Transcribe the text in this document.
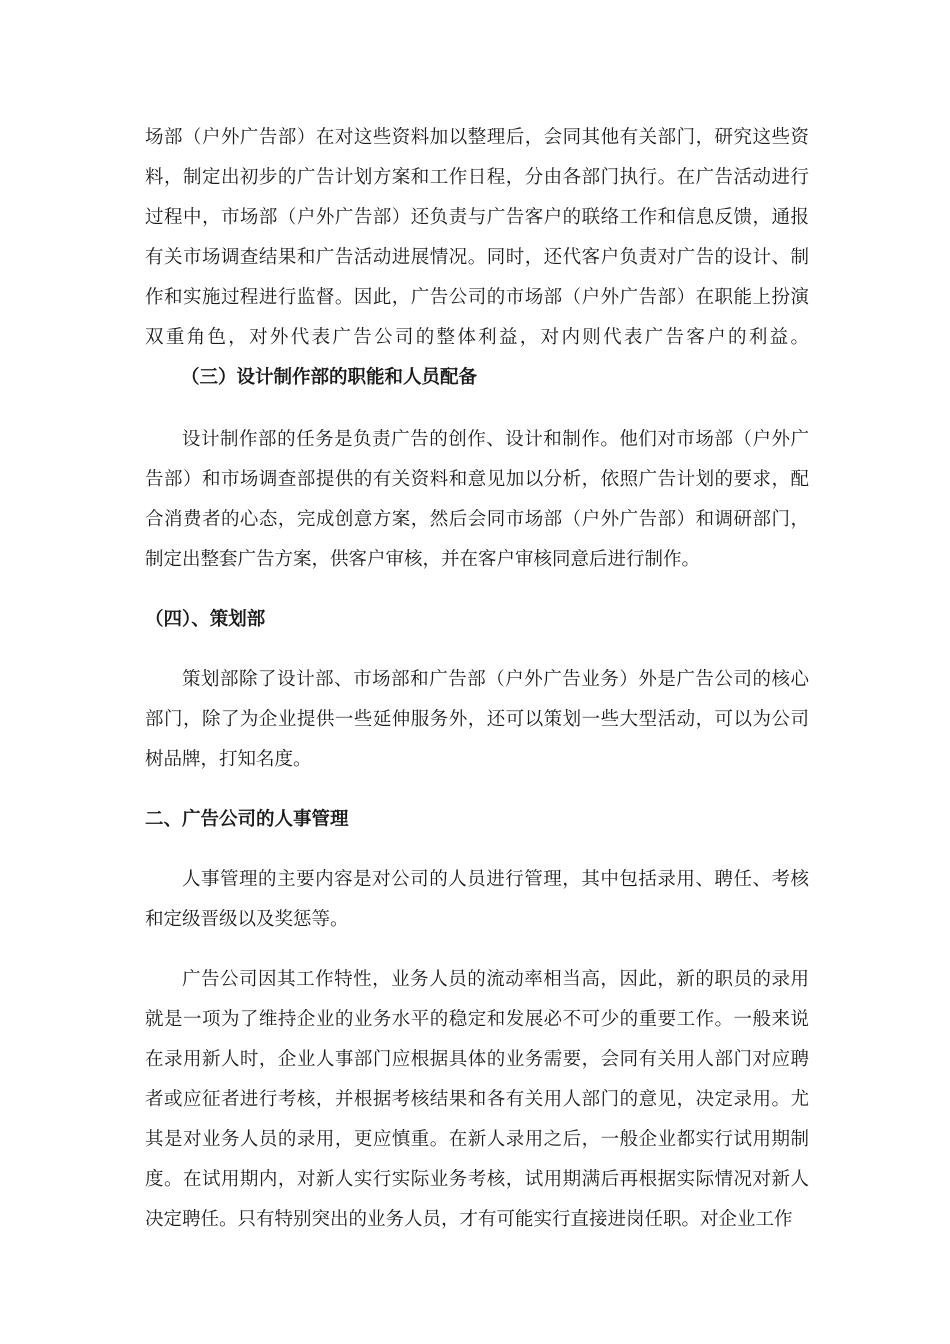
场部（户外广告部）在对这些资料加以整理后，会同其他有关部门，研究这些资料，制定出初步的广告计划方案和工作日程，分由各部门执行。在广告活动进行过程中，市场部（户外广告部）还负责与广告客户的联络工作和信息反馈，通报有关市场调查结果和广告活动进展情况。同时，还代客户负责对广告的设计、制作和实施过程进行监督。因此，广告公司的市场部（户外广告部）在职能上扮演双重角色，对外代表广告公司的整体利益，对内则代表广告客户的利益。（三）设计制作部的职能和人员配备

设计制作部的任务是负责广告的创作、设计和制作。他们对市场部（户外广告部）和市场调查部提供的有关资料和意见加以分析，依照广告计划的要求，配合消费者的心态，完成创意方案，然后会同市场部（户外广告部）和调研部门，制定出整套广告方案，供客户审核，并在客户审核同意后进行制作。

（四）、策划部

策划部除了设计部、市场部和广告部（户外广告业务）外是广告公司的核心部门，除了为企业提供一些延伸服务外，还可以策划一些大型活动，可以为公司树品牌，打知名度。

二、广告公司的人事管理

人事管理的主要内容是对公司的人员进行管理，其中包括录用、聘任、考核和定级晋级以及奖惩等。

广告公司因其工作特性，业务人员的流动率相当高，因此，新的职员的录用就是一项为了维持企业的业务水平的稳定和发展必不可少的重要工作。一般来说在录用新人时，企业人事部门应根据具体的业务需要，会同有关用人部门对应聘者或应征者进行考核，并根据考核结果和各有关用人部门的意见，决定录用。尤其是对业务人员的录用，更应慎重。在新人录用之后，一般企业都实行试用期制度。在试用期内，对新人实行实际业务考核，试用期满后再根据实际情况对新人决定聘任。只有特别突出的业务人员，才有可能实行直接进岗任职。对企业工作
